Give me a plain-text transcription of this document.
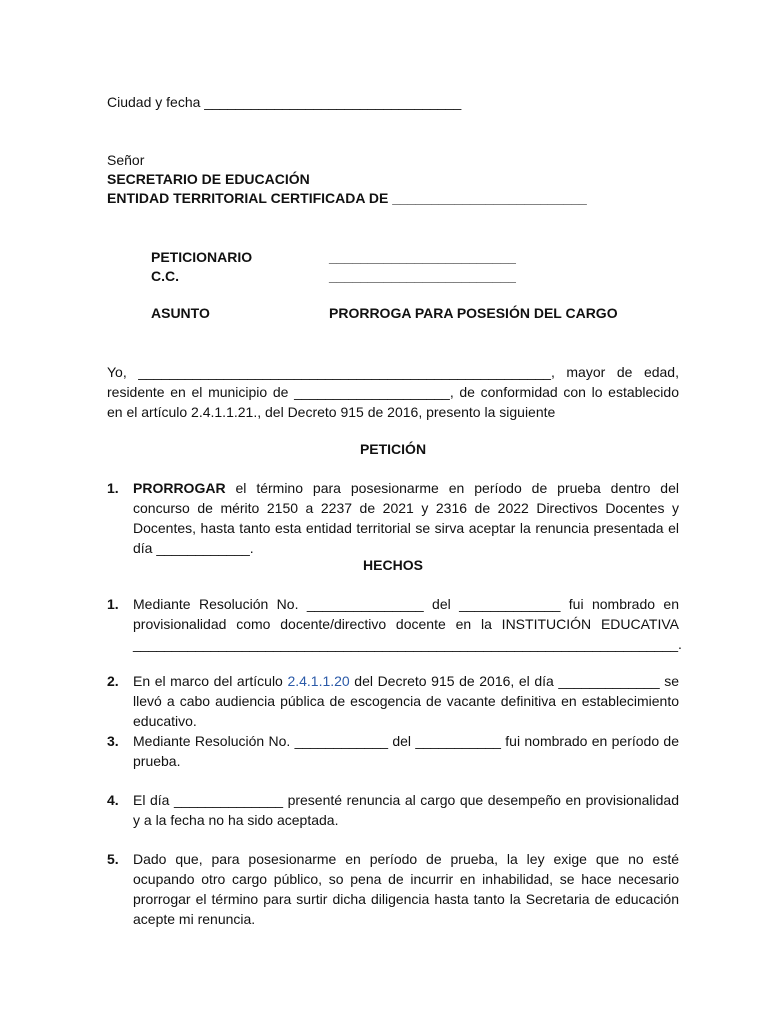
Ciudad y fecha _________________________________
Señor
SECRETARIO DE EDUCACIÓN
ENTIDAD TERRITORIAL CERTIFICADA DE _________________________
PETICIONARIO	________________________
C.C.	________________________
ASUNTO	PRORROGA PARA POSESIÓN DEL CARGO
Yo, _____________________________________________________, mayor de edad, residente en el municipio de ____________________, de conformidad con lo establecido en el artículo 2.4.1.1.21., del Decreto 915 de 2016, presento la siguiente
PETICIÓN
1. PRORROGAR el término para posesionarme en período de prueba dentro del concurso de mérito 2150 a 2237 de 2021 y 2316 de 2022 Directivos Docentes y Docentes, hasta tanto esta entidad territorial se sirva aceptar la renuncia presentada el día ____________.
HECHOS
1. Mediante Resolución No. _______________ del _____________ fui nombrado en provisionalidad como docente/directivo docente en la INSTITUCIÓN EDUCATIVA ______________________________________________________________________.
2. En el marco del artículo 2.4.1.1.20 del Decreto 915 de 2016, el día _____________ se llevó a cabo audiencia pública de escogencia de vacante definitiva en establecimiento educativo.
3. Mediante Resolución No. ____________ del ___________ fui nombrado en período de prueba.
4. El día ______________ presenté renuncia al cargo que desempeño en provisionalidad y a la fecha no ha sido aceptada.
5. Dado que, para posesionarme en período de prueba, la ley exige que no esté ocupando otro cargo público, so pena de incurrir en inhabilidad, se hace necesario prorrogar el término para surtir dicha diligencia hasta tanto la Secretaria de educación acepte mi renuncia.
